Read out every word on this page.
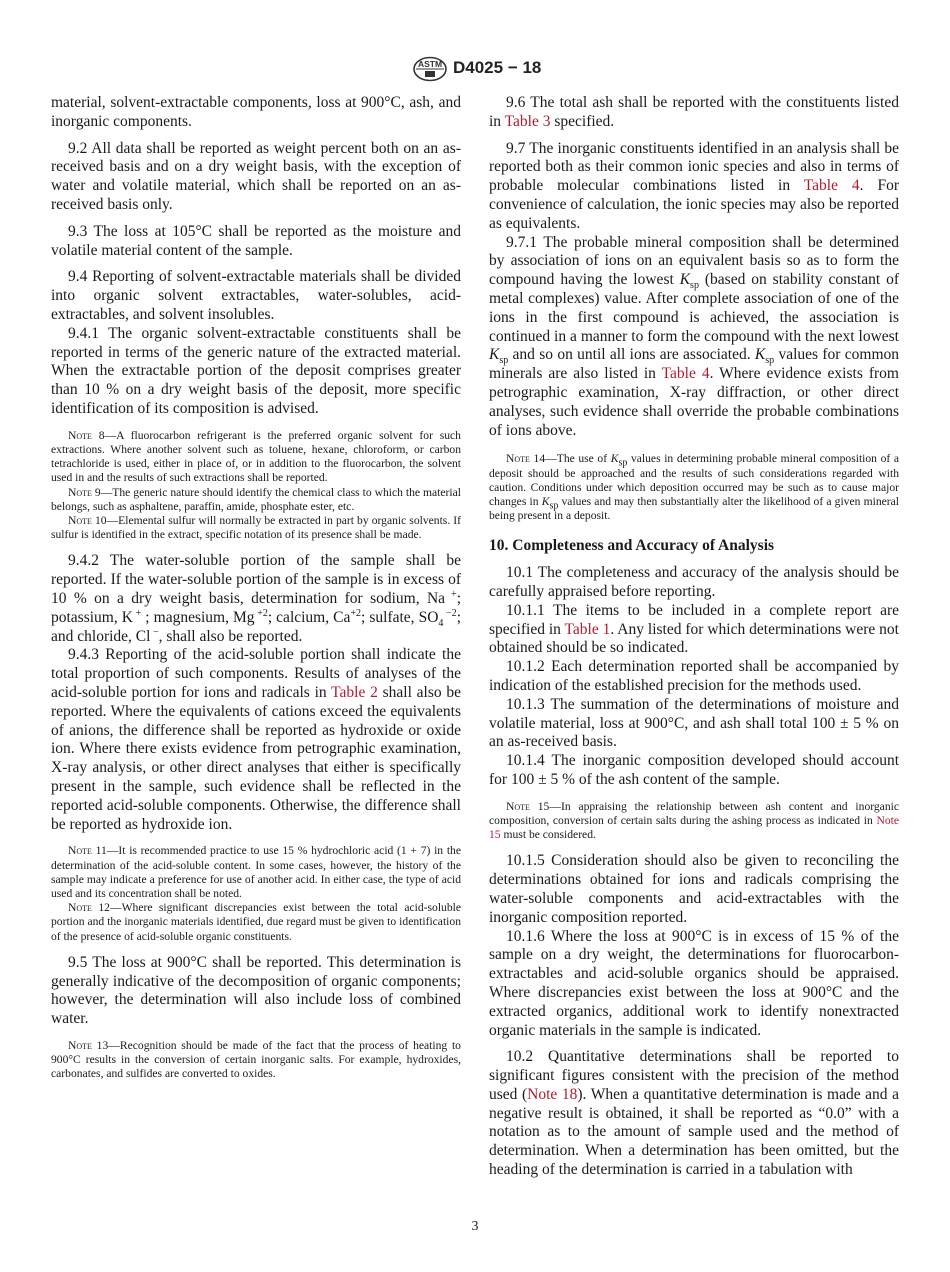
ASTM D4025 − 18

material, solvent-extractable components, loss at 900°C, ash, and inorganic components.

9.2 All data shall be reported as weight percent both on an as-received basis and on a dry weight basis, with the exception of water and volatile material, which shall be reported on an as-received basis only.

9.3 The loss at 105°C shall be reported as the moisture and volatile material content of the sample.

9.4 Reporting of solvent-extractable materials shall be divided into organic solvent extractables, water-solubles, acid-extractables, and solvent insolubles.

9.4.1 The organic solvent-extractable constituents shall be reported in terms of the generic nature of the extracted material. When the extractable portion of the deposit comprises greater than 10 % on a dry weight basis of the deposit, more specific identification of its composition is advised.

Note 8—A fluorocarbon refrigerant is the preferred organic solvent for such extractions. Where another solvent such as toluene, hexane, chloroform, or carbon tetrachloride is used, either in place of, or in addition to the fluorocarbon, the solvent used in and the results of such extractions shall be reported.

Note 9—The generic nature should identify the chemical class to which the material belongs, such as asphaltene, paraffin, amide, phosphate ester, etc.

Note 10—Elemental sulfur will normally be extracted in part by organic solvents. If sulfur is identified in the extract, specific notation of its presence shall be made.

9.4.2 The water-soluble portion of the sample shall be reported. If the water-soluble portion of the sample is in excess of 10 % on a dry weight basis, determination for sodium, Na +; potassium, K + ; magnesium, Mg $^{+2}$; calcium, $Ca^{+2}$; sulfate, $SO_4$ $^{-2}$; and chloride, Cl −, shall also be reported.

9.4.3 Reporting of the acid-soluble portion shall indicate the total proportion of such components. Results of analyses of the acid-soluble portion for ions and radicals in Table 2 shall also be reported. Where the equivalents of cations exceed the equivalents of anions, the difference shall be reported as hydroxide or oxide ion. Where there exists evidence from petrographic examination, X-ray analysis, or other direct analyses that either is specifically present in the sample, such evidence shall be reflected in the reported acid-soluble components. Otherwise, the difference shall be reported as hydroxide ion.

Note 11—It is recommended practice to use 15 % hydrochloric acid (1 + 7) in the determination of the acid-soluble content. In some cases, however, the history of the sample may indicate a preference for use of another acid. In either case, the type of acid used and its concentration shall be noted.

Note 12—Where significant discrepancies exist between the total acid-soluble portion and the inorganic materials identified, due regard must be given to identification of the presence of acid-soluble organic constituents.

9.5 The loss at 900°C shall be reported. This determination is generally indicative of the decomposition of organic components; however, the determination will also include loss of combined water.

Note 13—Recognition should be made of the fact that the process of heating to 900°C results in the conversion of certain inorganic salts. For example, hydroxides, carbonates, and sulfides are converted to oxides.

9.6 The total ash shall be reported with the constituents listed in Table 3 specified.

9.7 The inorganic constituents identified in an analysis shall be reported both as their common ionic species and also in terms of probable molecular combinations listed in Table 4. For convenience of calculation, the ionic species may also be reported as equivalents.

9.7.1 The probable mineral composition shall be determined by association of ions on an equivalent basis so as to form the compound having the lowest $K_{sp}$ (based on stability constant of metal complexes) value. After complete association of one of the ions in the first compound is achieved, the association is continued in a manner to form the compound with the next lowest $K_{sp}$ and so on until all ions are associated. $K_{sp}$ values for common minerals are also listed in Table 4. Where evidence exists from petrographic examination, X-ray diffraction, or other direct analyses, such evidence shall override the probable combinations of ions above.

Note 14—The use of $K_{sp}$ values in determining probable mineral composition of a deposit should be approached and the results of such considerations regarded with caution. Conditions under which deposition occurred may be such as to cause major changes in $K_{sp}$ values and may then substantially alter the likelihood of a given mineral being present in a deposit.

10. Completeness and Accuracy of Analysis

10.1 The completeness and accuracy of the analysis should be carefully appraised before reporting.

10.1.1 The items to be included in a complete report are specified in Table 1. Any listed for which determinations were not obtained should be so indicated.

10.1.2 Each determination reported shall be accompanied by indication of the established precision for the methods used.

10.1.3 The summation of the determinations of moisture and volatile material, loss at 900°C, and ash shall total 100 ± 5 % on an as-received basis.

10.1.4 The inorganic composition developed should account for 100 ± 5 % of the ash content of the sample.

Note 15—In appraising the relationship between ash content and inorganic composition, conversion of certain salts during the ashing process as indicated in Note 15 must be considered.

10.1.5 Consideration should also be given to reconciling the determinations obtained for ions and radicals comprising the water-soluble components and acid-extractables with the inorganic composition reported.

10.1.6 Where the loss at 900°C is in excess of 15 % of the sample on a dry weight, the determinations for fluorocarbon-extractables and acid-soluble organics should be appraised. Where discrepancies exist between the loss at 900°C and the extracted organics, additional work to identify nonextracted organic materials in the sample is indicated.

10.2 Quantitative determinations shall be reported to significant figures consistent with the precision of the method used (Note 18). When a quantitative determination is made and a negative result is obtained, it shall be reported as “0.0” with a notation as to the amount of sample used and the method of determination. When a determination has been omitted, but the heading of the determination is carried in a tabulation with

3
